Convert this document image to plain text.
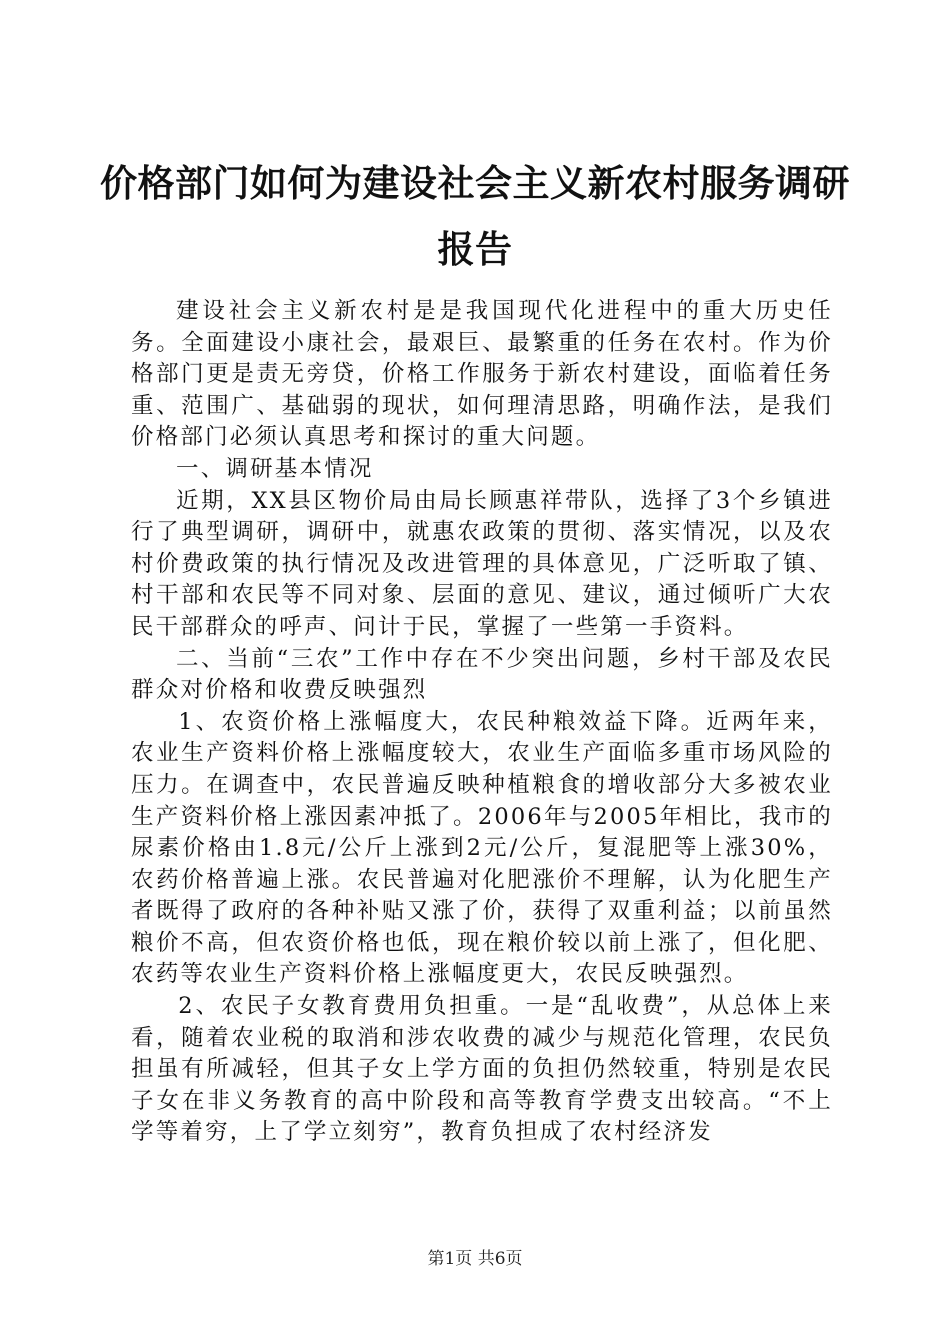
价格部门如何为建设社会主义新农村服务调研
报告

建设社会主义新农村是是我国现代化进程中的重大历史任务。全面建设小康社会，最艰巨、最繁重的任务在农村。作为价格部门更是责无旁贷，价格工作服务于新农村建设，面临着任务重、范围广、基础弱的现状，如何理清思路，明确作法，是我们价格部门必须认真思考和探讨的重大问题。

一、调研基本情况

近期，XX县区物价局由局长顾惠祥带队，选择了3个乡镇进行了典型调研，调研中，就惠农政策的贯彻、落实情况，以及农村价费政策的执行情况及改进管理的具体意见，广泛听取了镇、村干部和农民等不同对象、层面的意见、建议，通过倾听广大农民干部群众的呼声、问计于民，掌握了一些第一手资料。

二、当前“三农”工作中存在不少突出问题，乡村干部及农民群众对价格和收费反映强烈

1、农资价格上涨幅度大，农民种粮效益下降。近两年来，农业生产资料价格上涨幅度较大，农业生产面临多重市场风险的压力。在调查中，农民普遍反映种植粮食的增收部分大多被农业生产资料价格上涨因素冲抵了。2006年与2005年相比，我市的尿素价格由1.8元/公斤上涨到2元/公斤，复混肥等上涨30%，农药价格普遍上涨。农民普遍对化肥涨价不理解，认为化肥生产者既得了政府的各种补贴又涨了价，获得了双重利益；以前虽然粮价不高，但农资价格也低，现在粮价较以前上涨了，但化肥、农药等农业生产资料价格上涨幅度更大，农民反映强烈。

2、农民子女教育费用负担重。一是“乱收费”，从总体上来看，随着农业税的取消和涉农收费的减少与规范化管理，农民负担虽有所减轻，但其子女上学方面的负担仍然较重，特别是农民子女在非义务教育的高中阶段和高等教育学费支出较高。“不上学等着穷，上了学立刻穷”，教育负担成了农村经济发

第1页 共6页
